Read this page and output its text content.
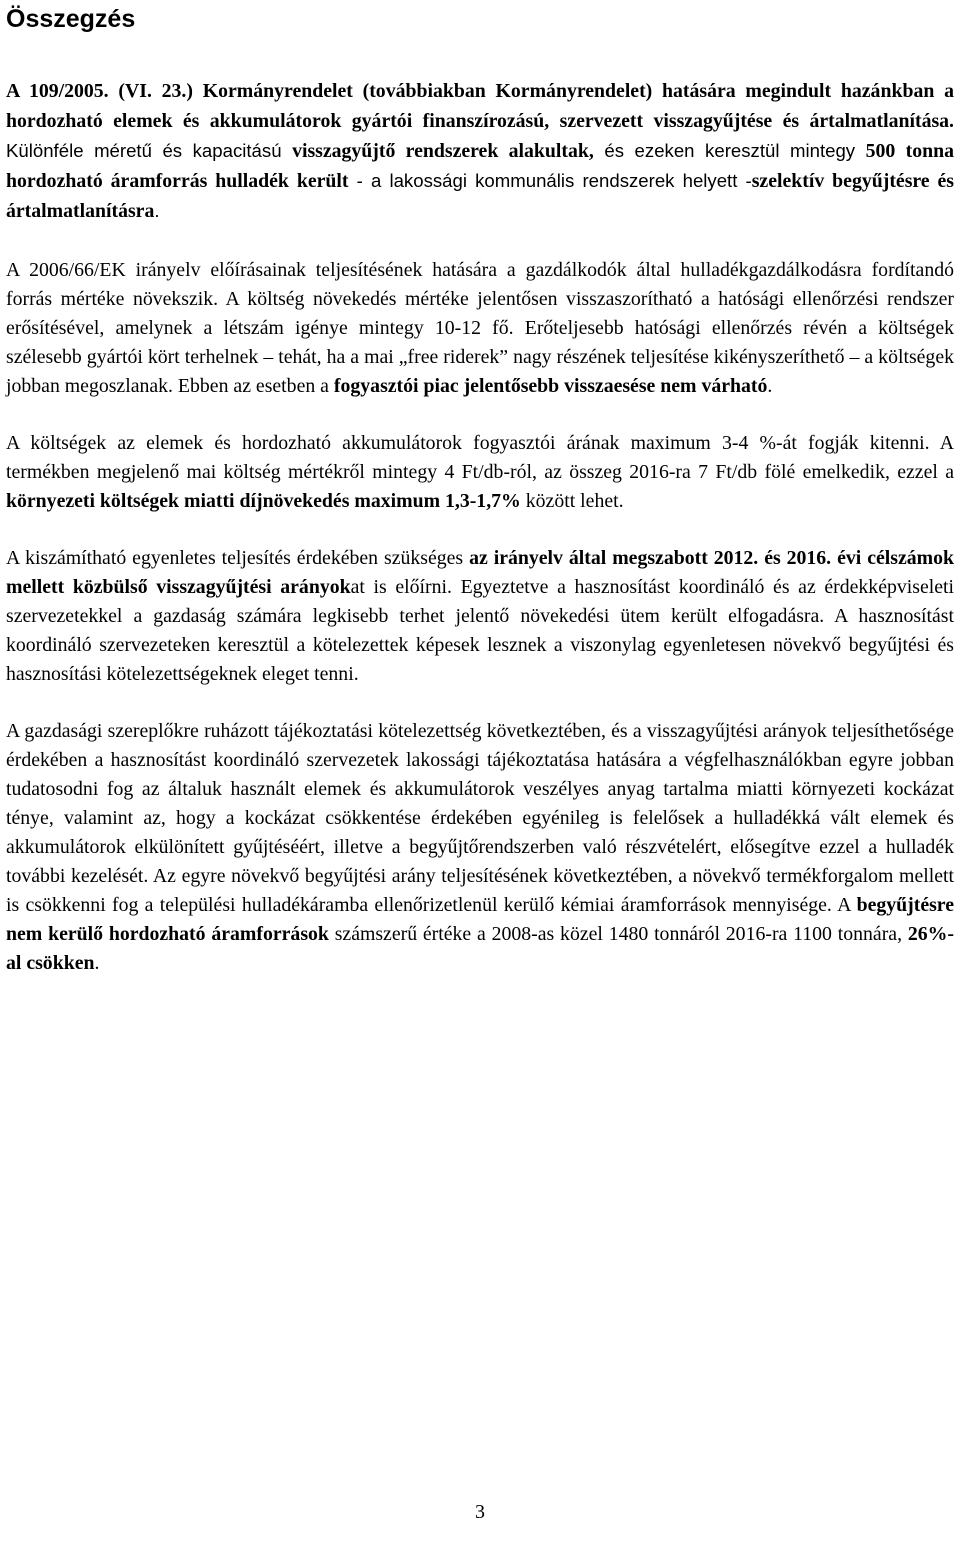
Összegzés

A 109/2005. (VI. 23.) Kormányrendelet (továbbiakban Kormányrendelet) hatására megindult hazánkban a hordozható elemek és akkumulátorok gyártói finanszírozású, szervezett visszagyűjtése és ártalmatlanítása. Különféle méretű és kapacitású visszagyűjtő rendszerek alakultak, és ezeken keresztül mintegy 500 tonna hordozható áramforrás hulladék került - a lakossági kommunális rendszerek helyett -szelektív begyűjtésre és ártalmatlanításra.

A 2006/66/EK irányelv előírásainak teljesítésének hatására a gazdálkodók által hulladékgazdálkodásra fordítandó forrás mértéke növekszik. A költség növekedés mértéke jelentősen visszaszorítható a hatósági ellenőrzési rendszer erősítésével, amelynek a létszám igénye mintegy 10-12 fő. Erőteljesebb hatósági ellenőrzés révén a költségek szélesebb gyártói kört terhelnek – tehát, ha a mai „free riderek” nagy részének teljesítése kikényszeríthető – a költségek jobban megoszlanak. Ebben az esetben a fogyasztói piac jelentősebb visszaesése nem várható.

A költségek az elemek és hordozható akkumulátorok fogyasztói árának maximum 3-4 %-át fogják kitenni. A termékben megjelenő mai költség mértékről mintegy 4 Ft/db-ról, az összeg 2016-ra 7 Ft/db fölé emelkedik, ezzel a környezeti költségek miatti díjnövekedés maximum 1,3-1,7% között lehet.

A kiszámítható egyenletes teljesítés érdekében szükséges az irányelv által megszabott 2012. és 2016. évi célszámok mellett közbülső visszagyűjtési arányokat is előírni. Egyeztetve a hasznosítást koordináló és az érdekképviseleti szervezetekkel a gazdaság számára legkisebb terhet jelentő növekedési ütem került elfogadásra. A hasznosítást koordináló szervezeteken keresztül a kötelezettek képesek lesznek a viszonylag egyenletesen növekvő begyűjtési és hasznosítási kötelezettségeknek eleget tenni.

A gazdasági szereplőkre ruházott tájékoztatási kötelezettség következtében, és a visszagyűjtési arányok teljesíthetősége érdekében a hasznosítást koordináló szervezetek lakossági tájékoztatása hatására a végfelhasználókban egyre jobban tudatosodni fog az általuk használt elemek és akkumulátorok veszélyes anyag tartalma miatti környezeti kockázat ténye, valamint az, hogy a kockázat csökkentése érdekében egyénileg is felelősek a hulladékká vált elemek és akkumulátorok elkülönített gyűjtéséért, illetve a begyűjtőrendszerben való részvételért, elősegítve ezzel a hulladék további kezelését. Az egyre növekvő begyűjtési arány teljesítésének következtében, a növekvő termékforgalom mellett is csökkenni fog a települési hulladékáramba ellenőrizetlenül kerülő kémiai áramforrások mennyisége. A begyűjtésre nem kerülő hordozható áramforrások számszerű értéke a 2008-as közel 1480 tonnáról 2016-ra 1100 tonnára, 26%-al csökken.

3
